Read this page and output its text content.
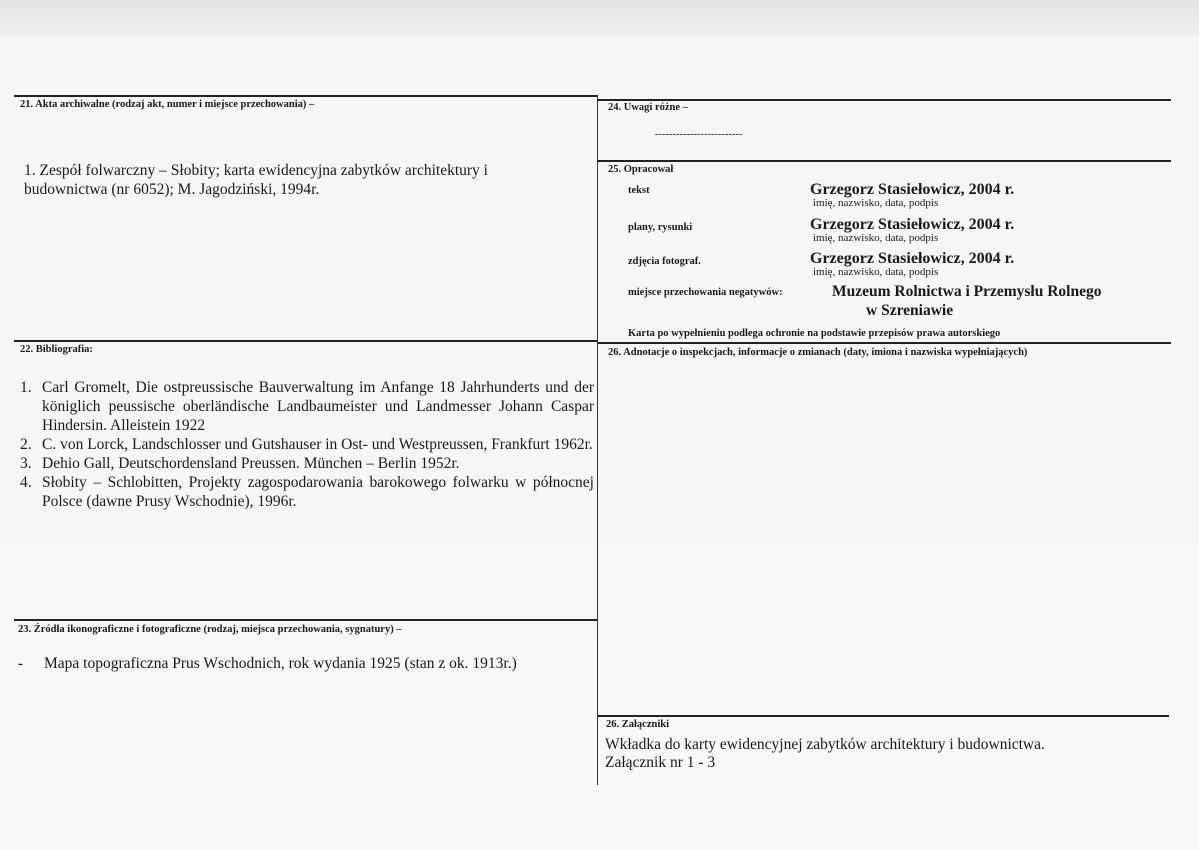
21. Akta archiwalne (rodzaj akt, numer i miejsce przechowania) –
1. Zespół folwarczny – Słobity; karta ewidencyjna zabytków architektury i
budownictwa (nr 6052); M. Jagodziński, 1994r.
22. Bibliografia:
1. Carl Gromelt, Die ostpreussische Bauverwaltung im Anfange 18 Jahrhunderts und der königlich peussische oberländische Landbaumeister und Landmesser Johann Caspar Hindersin. Alleistein 1922
2. C. von Lorck, Landschlosser und Gutshauser in Ost- und Westpreussen, Frankfurt 1962r.
3. Dehio Gall, Deutschordensland Preussen. München – Berlin 1952r.
4. Słobity – Schlobitten, Projekty zagospodarowania barokowego folwarku w północnej Polsce (dawne Prusy Wschodnie), 1996r.
23. Źródła ikonograficzne i fotograficzne (rodzaj, miejsca przechowania, sygnatury) –
- Mapa topograficzna Prus Wschodnich, rok wydania 1925 (stan z ok. 1913r.)
24. Uwagi różne –
-------------------------
25. Opracował
tekst	Grzegorz Stasiełowicz, 2004 r.
imię, nazwisko, data, podpis
plany, rysunki	Grzegorz Stasiełowicz, 2004 r.
imię, nazwisko, data, podpis
zdjęcia fotograf.	Grzegorz Stasiełowicz, 2004 r.
imię, nazwisko, data, podpis
miejsce przechowania negatywów:	Muzeum Rolnictwa i Przemysłu Rolnego
w Szreniawie
Karta po wypełnieniu podlega ochronie na podstawie przepisów prawa autorskiego
26. Adnotacje o inspekcjach, informacje o zmianach (daty, imiona i nazwiska wypełniających)
26. Załączniki
Wkładka do karty ewidencyjnej zabytków architektury i budownictwa.
Załącznik nr 1 - 3
